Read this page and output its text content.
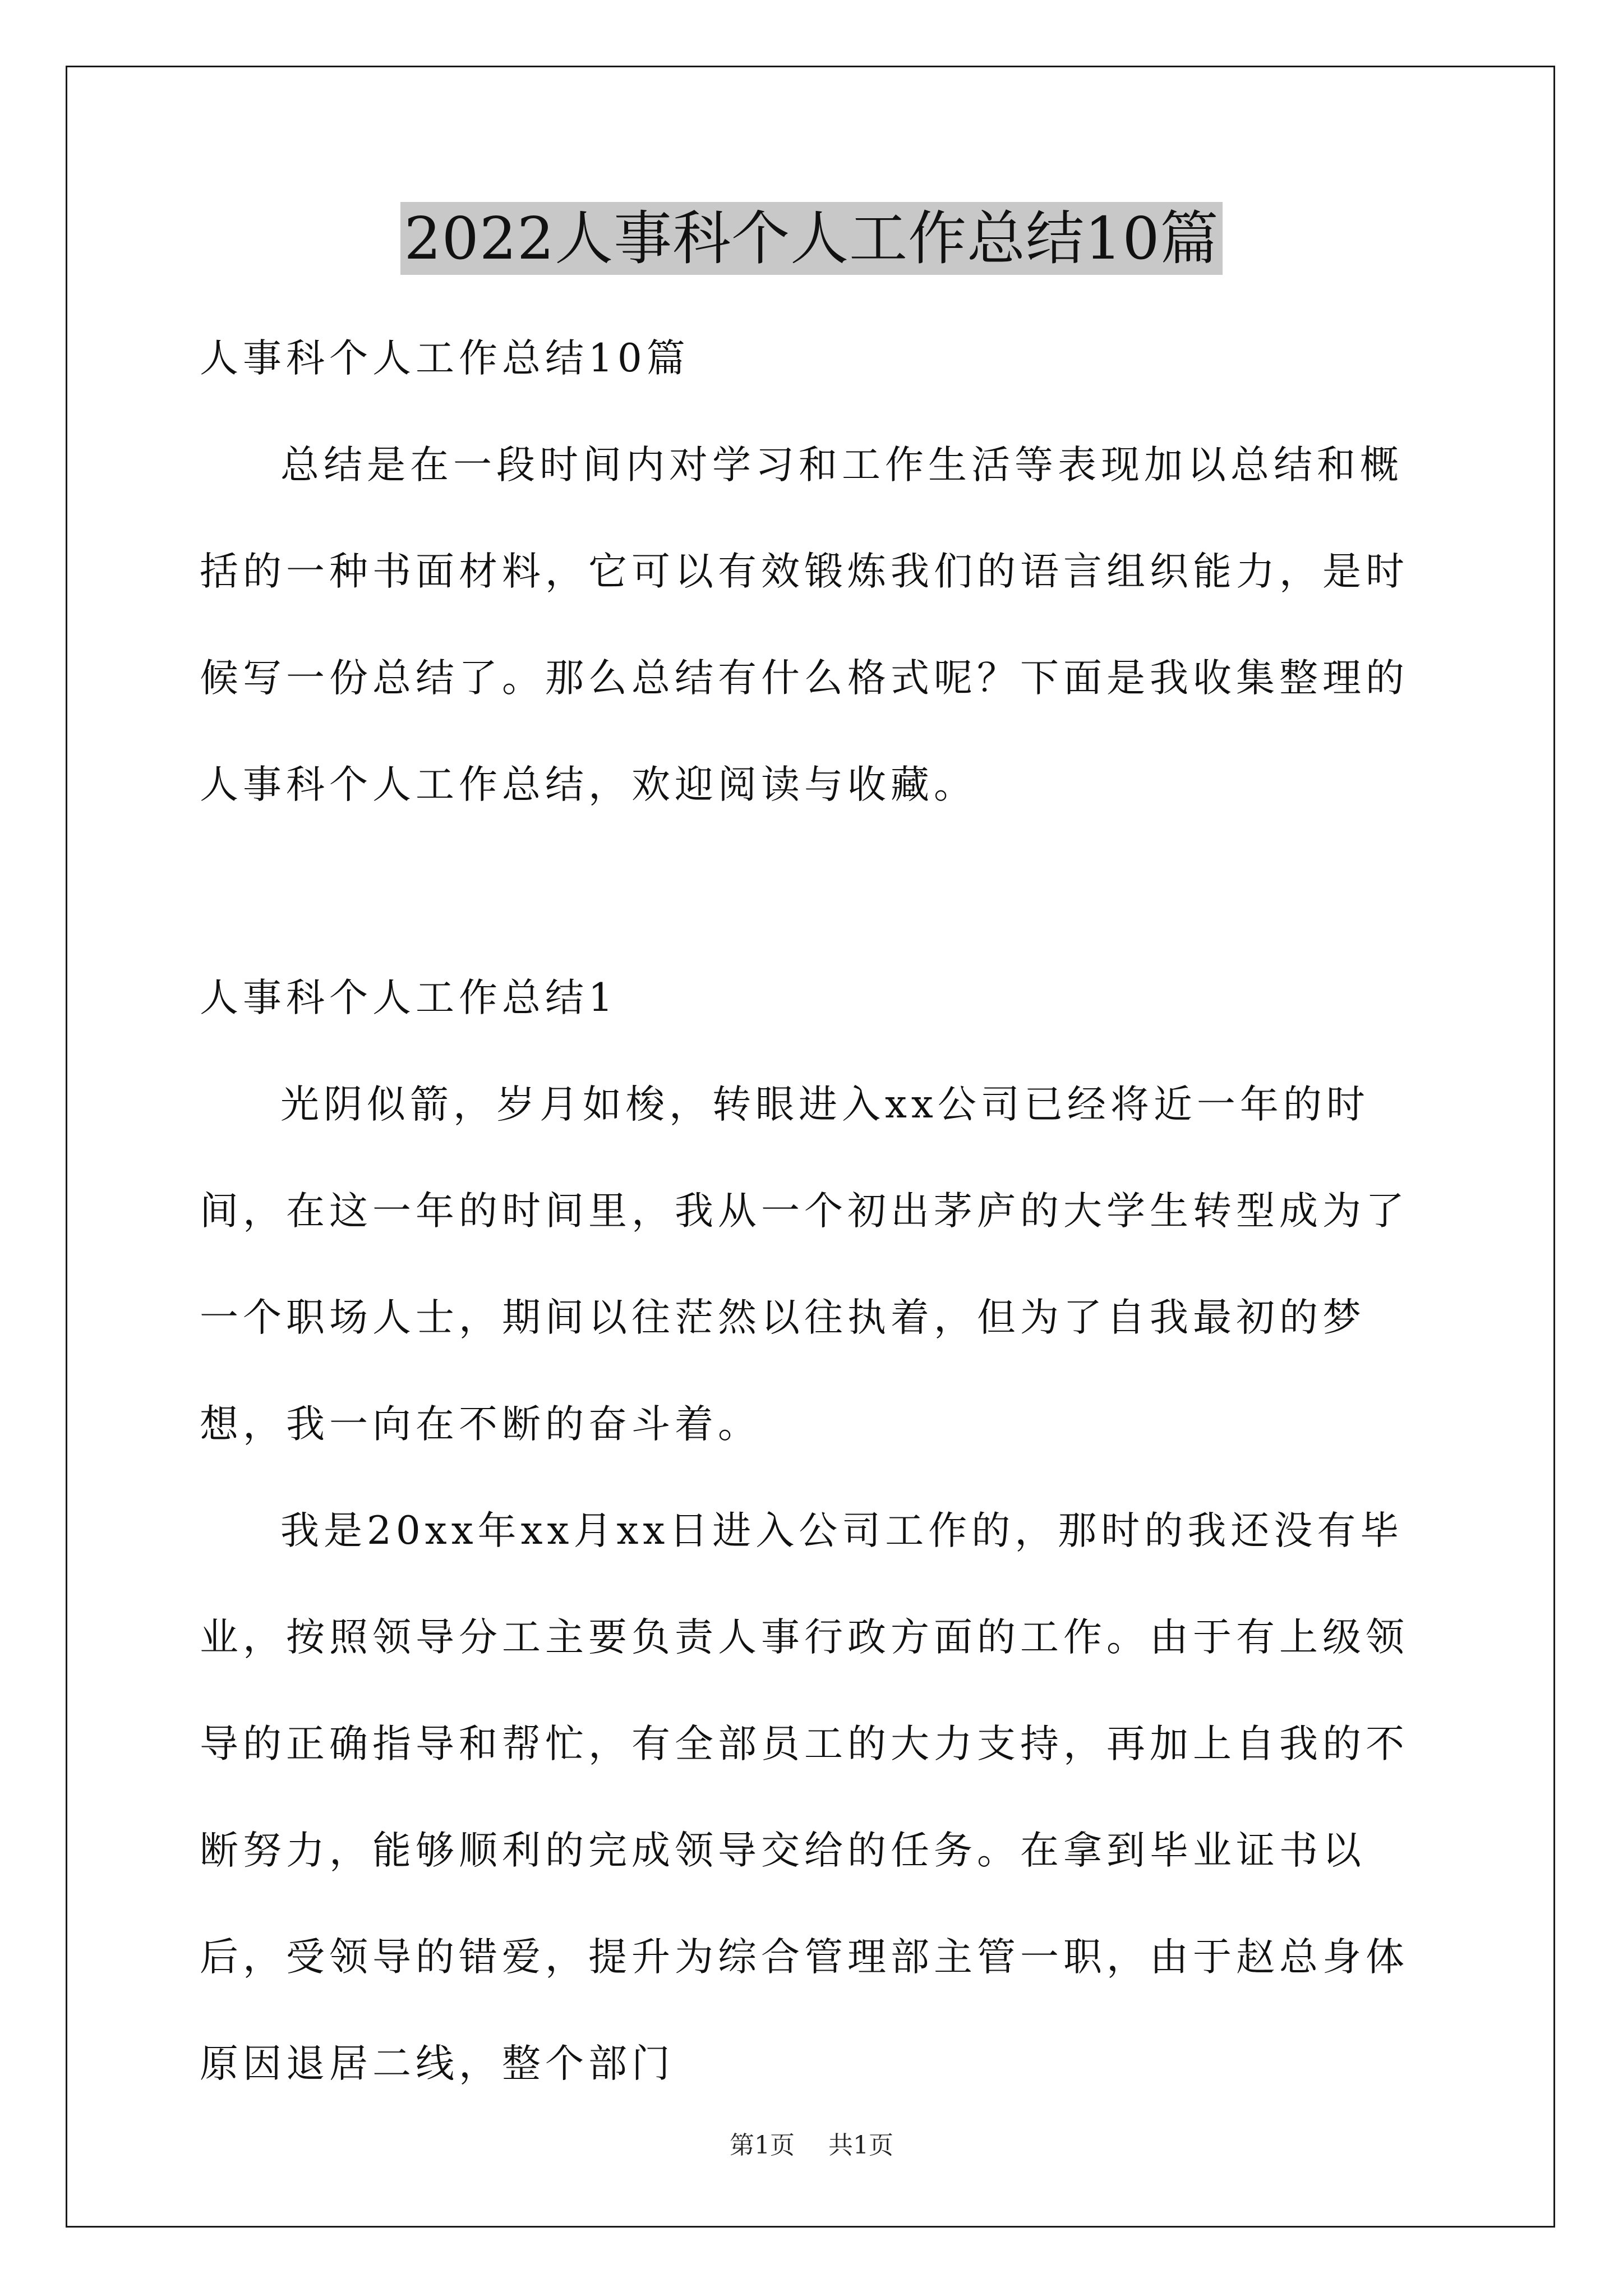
2022人事科个人工作总结10篇

人事科个人工作总结10篇

总结是在一段时间内对学习和工作生活等表现加以总结和概括的一种书面材料，它可以有效锻炼我们的语言组织能力，是时候写一份总结了。那么总结有什么格式呢？下面是我收集整理的人事科个人工作总结，欢迎阅读与收藏。

人事科个人工作总结1

光阴似箭，岁月如梭，转眼进入xx公司已经将近一年的时间，在这一年的时间里，我从一个初出茅庐的大学生转型成为了一个职场人士，期间以往茫然以往执着，但为了自我最初的梦想，我一向在不断的奋斗着。

我是20xx年xx月xx日进入公司工作的，那时的我还没有毕业，按照领导分工主要负责人事行政方面的工作。由于有上级领导的正确指导和帮忙，有全部员工的大力支持，再加上自我的不断努力，能够顺利的完成领导交给的任务。在拿到毕业证书以后，受领导的错爱，提升为综合管理部主管一职，由于赵总身体原因退居二线，整个部门

第1页 共1页
